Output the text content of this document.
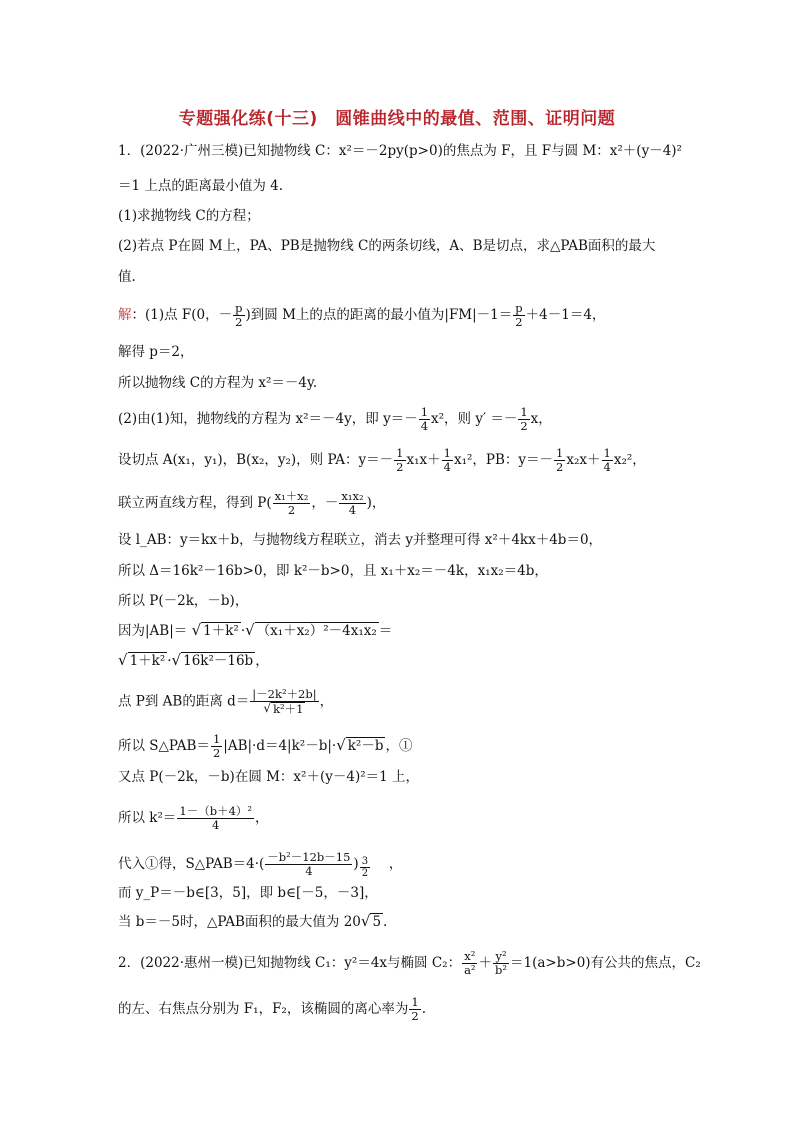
专题强化练(十三)　圆锥曲线中的最值、范围、证明问题
1．(2022·广州三模)已知抛物线 C：x²＝－2py(p>0)的焦点为 F，且 F与圆 M：x²＋(y－4)²
＝1 上点的距离最小值为 4.
(1)求抛物线 C的方程；
(2)若点 P在圆 M上，PA、PB是抛物线 C的两条切线，A、B是切点，求△PAB面积的最大
值.
解：(1)点 F(0，－ $\frac{p}{2}$ )到圆 M上的点的距离的最小值为$|FM|-1= \frac{p}{2} +4-1=4$，
解得 p＝2，
所以抛物线 C的方程为 x²＝－4y.
(2)由(1)知，抛物线的方程为 x²＝－4y，即 $y=- \frac{1}{4} x^2$，则 $y' =- \frac{1}{2}$ x，
设切点 A(x₁，y₁)，B(x₂，y₂)，则 PA：$y=- \frac{1}{2} x_1x+ \frac{1}{4} x_1^2$，PB：$y=- \frac{1}{2} x_2x+ \frac{1}{4} x_2^2$，
联立两直线方程，得到 $P( \frac{\text{x₁＋x₂}}{2}$ ，－ $\frac{\text{x₁x₂}}{4}$ )，
设 l_AB：y＝kx＋b，与抛物线方程联立，消去 y并整理可得 x²＋4kx＋4b＝0，
所以 Δ＝16k²－16b>0，即 k²－b>0，且 x₁＋x₂＝－4k，x₁x₂＝4b，
所以 P(－2k，－b)，
因为|AB|＝ √ 1＋k² · √ （x₁＋x₂）²－4x₁x₂ ＝
√ 1＋k² · √ 16k²－16b ，
点 P到 AB的距离 $d= \frac{\text{|－2k²＋2b|}}{\text{√ k²＋1}}$ ，
所以 S△PAB＝ $\frac{1}{2} |AB|\cdot d=4|k^2-b|\cdot$ √ k²－b ，①
又点 P(－2k，－b)在圆 M：x²＋(y－4)²＝1 上，
所以 $k^2= \frac{\text{1－（b＋4）²}}{4}$ ，
代入①得，S△PAB＝4·( $\frac{\text{－b²－12b－15}}{4}$ ) $\frac{3}{2}$ 　 ，
而 y_P＝－b∈[3，5]，即 b∈[－5，－3]，
当 b＝－5时，△PAB面积的最大值为 20 √ 5 .
2．(2022·惠州一模)已知抛物线 C₁：y²＝4x与椭圆 C₂： $\frac{\text{x²}}{\text{a²}} + \frac{\text{y²}}{\text{b²}} =1(a>b>0)$有公共的焦点，C₂
的左、右焦点分别为 F₁，F₂，该椭圆的离心率为 $\frac{1}{2}$ .
